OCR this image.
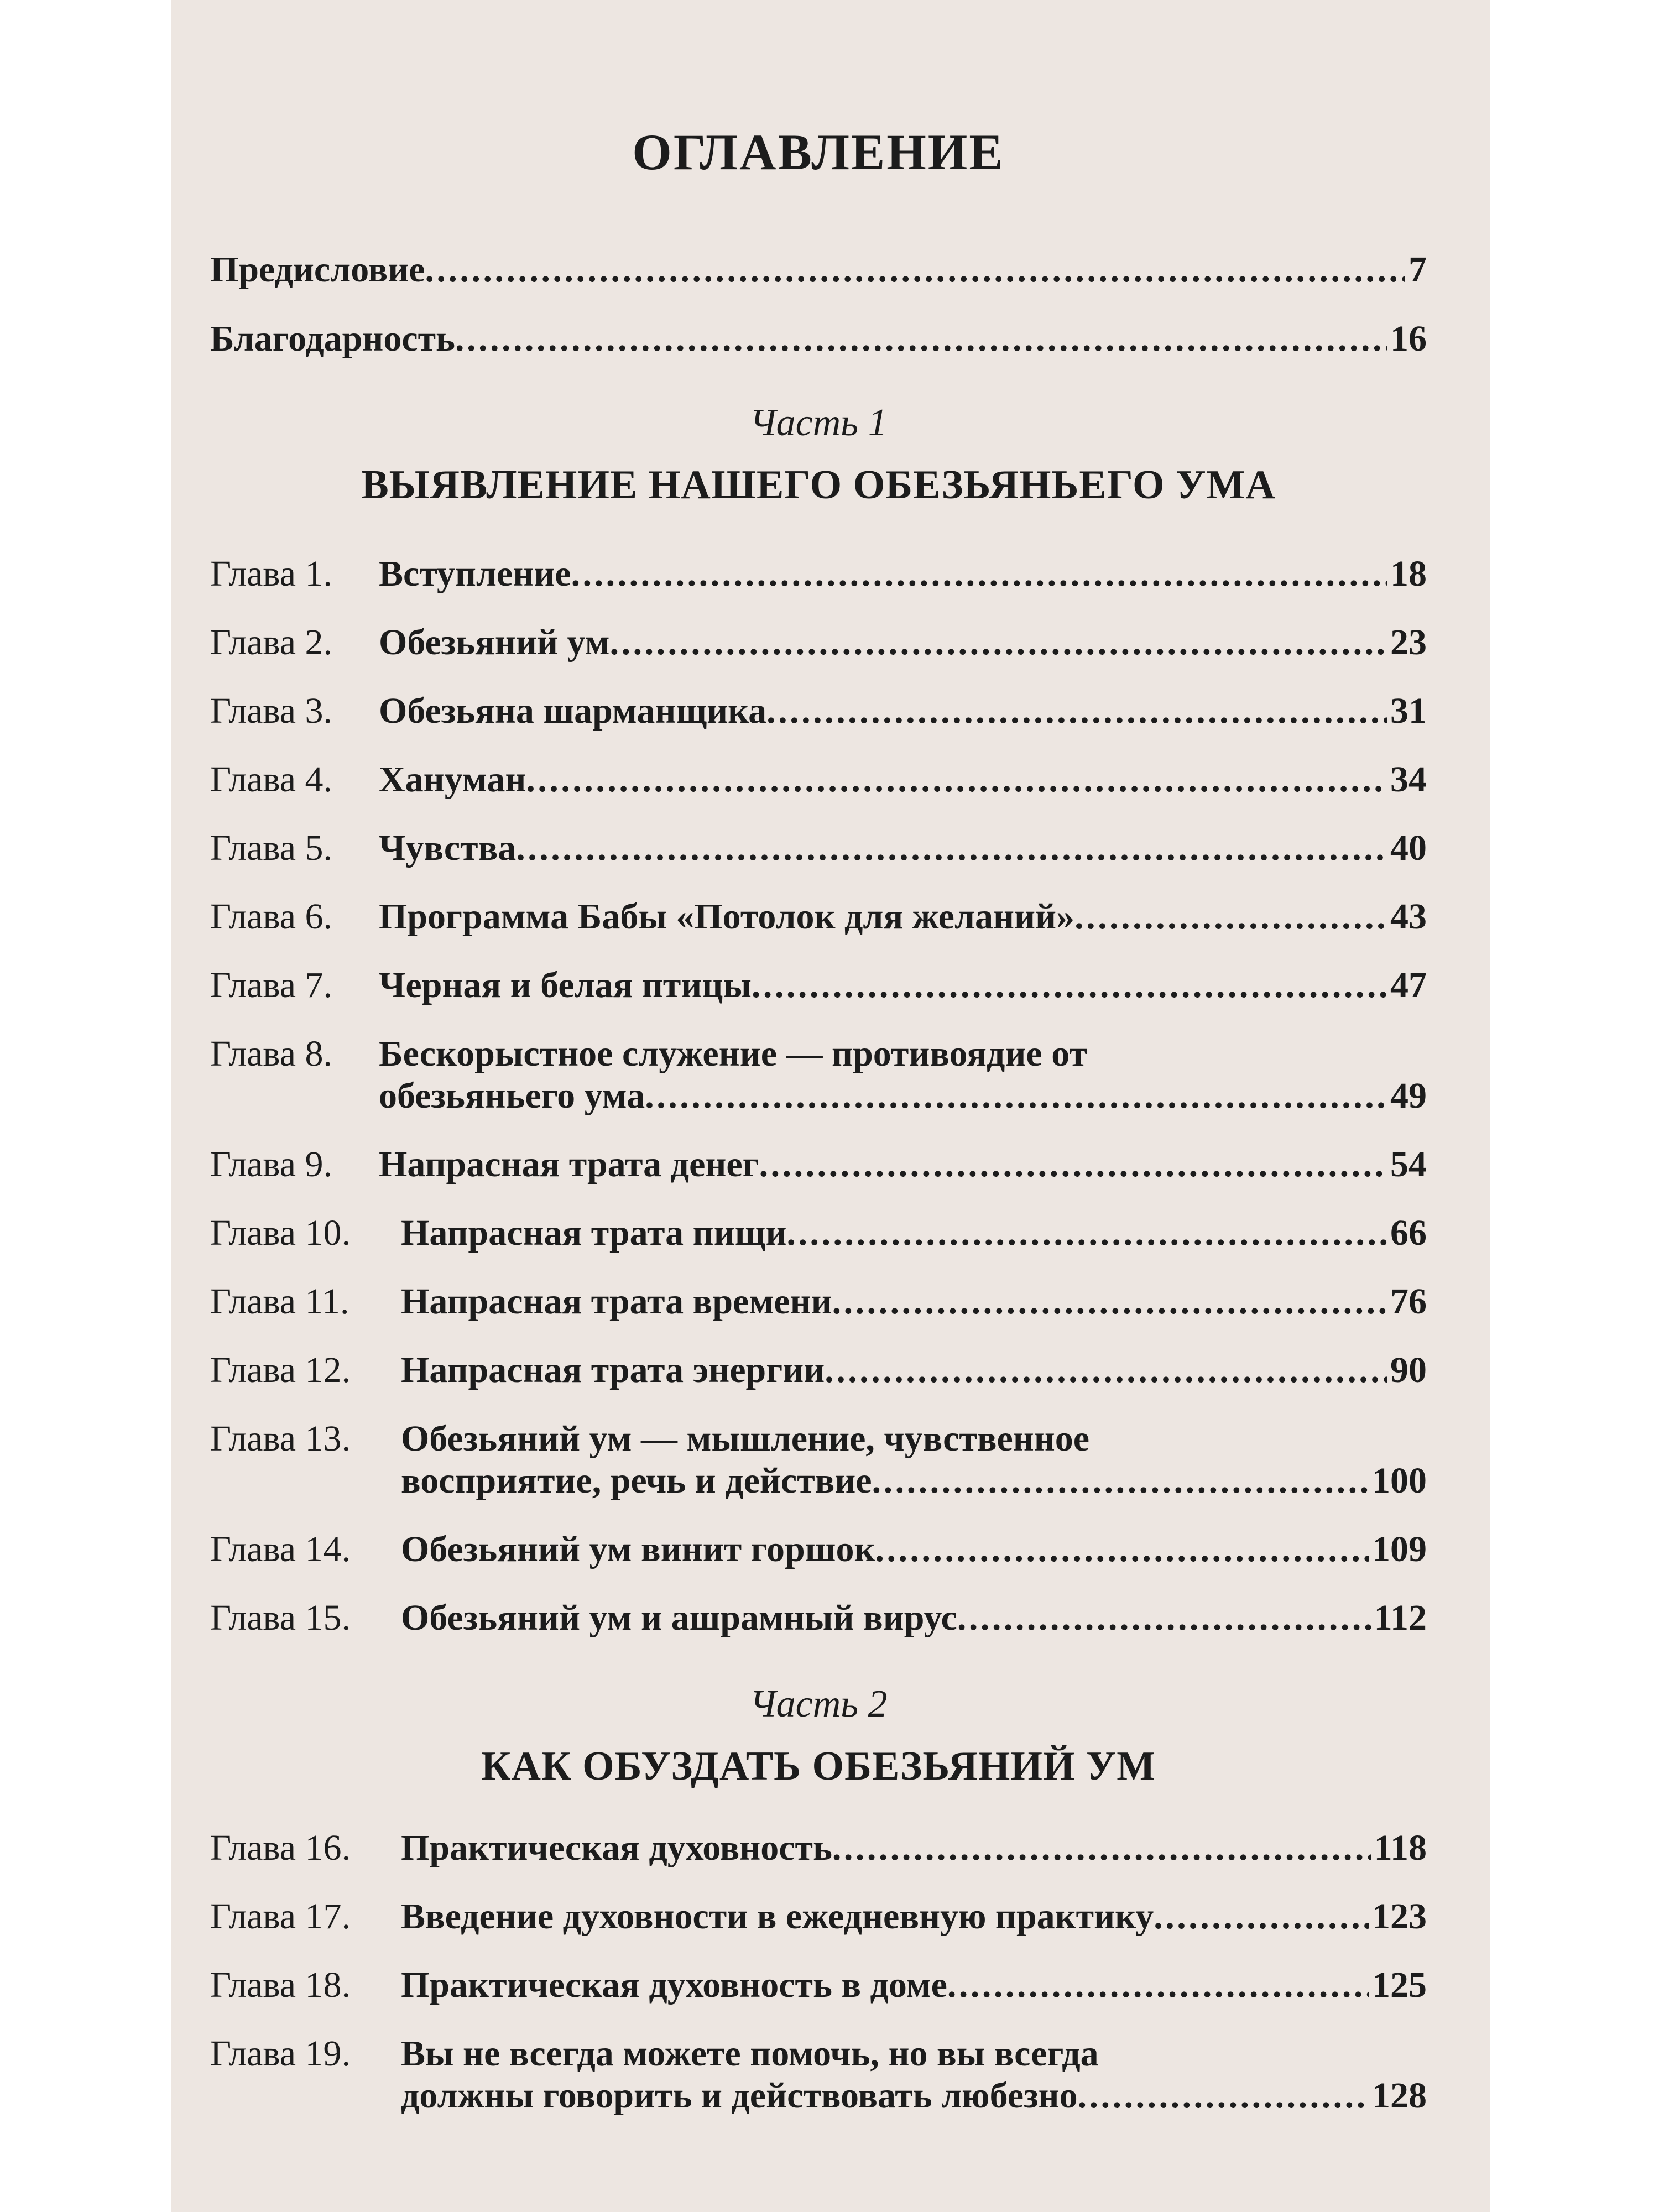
ОГЛАВЛЕНИЕ
Предисловие . . .	7
Благодарность . . .	16
Часть 1
ВЫЯВЛЕНИЕ НАШЕГО ОБЕЗЬЯНЬЕГО УМА
Глава 1.	Вступление . . .	18
Глава 2.	Обезьяний ум . . .	23
Глава 3.	Обезьяна шарманщика . . .	31
Глава 4.	Хануман . . .	34
Глава 5.	Чувства . . .	40
Глава 6.	Программа Бабы «Потолок для желаний» . . .	43
Глава 7.	Черная и белая птицы . . .	47
Глава 8.	Бескорыстное служение — противоядие от
обезьяньего ума . . .	49
Глава 9.	Напрасная трата денег . . .	54
Глава 10.	Напрасная трата пищи . . .	66
Глава 11.	Напрасная трата времени . . .	76
Глава 12.	Напрасная трата энергии . . .	90
Глава 13.	Обезьяний ум — мышление, чувственное
восприятие, речь и действие . . .	100
Глава 14.	Обезьяний ум винит горшок . . .	109
Глава 15.	Обезьяний ум и ашрамный вирус . . .	112
Часть 2
КАК ОБУЗДАТЬ ОБЕЗЬЯНИЙ УМ
Глава 16.	Практическая духовность . . .	118
Глава 17.	Введение духовности в ежедневную практику . . .	123
Глава 18.	Практическая духовность в доме . . .	125
Глава 19.	Вы не всегда можете помочь, но вы всегда
должны говорить и действовать любезно . . .	128
